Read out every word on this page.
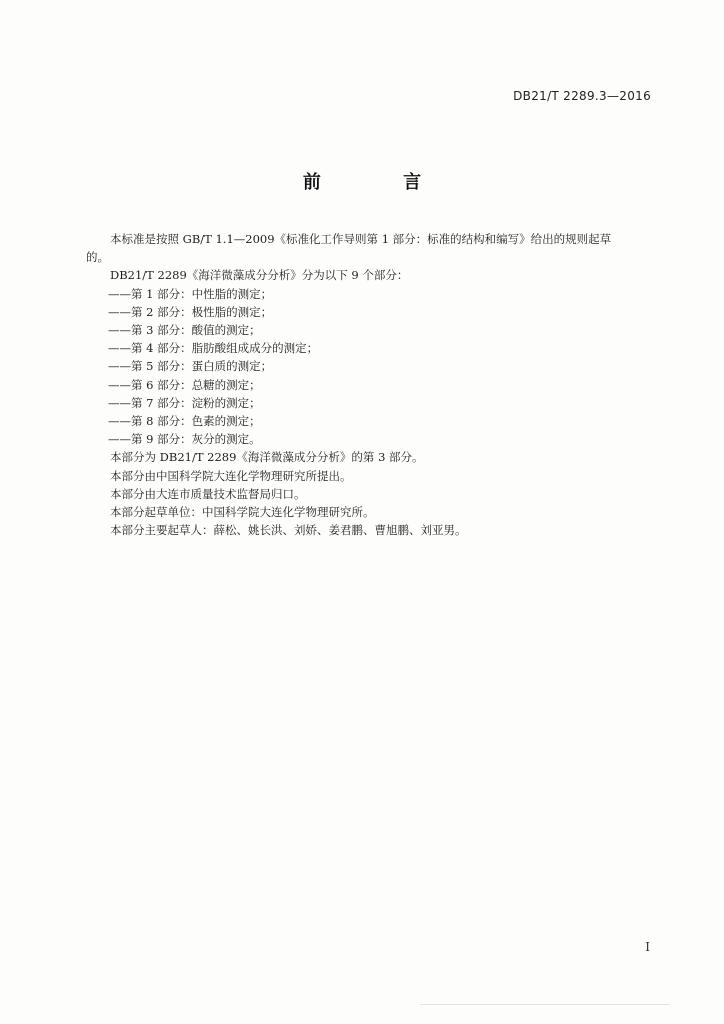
DB21/T 2289.3—2016
前 言

本标准是按照 GB/T 1.1—2009《标准化工作导则第 1 部分：标准的结构和编写》给出的规则起草

的。

DB21/T 2289《海洋微藻成分分析》分为以下 9 个部分：

——第 1 部分：中性脂的测定；

——第 2 部分：极性脂的测定；

——第 3 部分：酸值的测定；

——第 4 部分：脂肪酸组成成分的测定；

——第 5 部分：蛋白质的测定；

——第 6 部分：总糖的测定；

——第 7 部分：淀粉的测定；

——第 8 部分：色素的测定；

——第 9 部分：灰分的测定。

本部分为 DB21/T 2289《海洋微藻成分分析》的第 3 部分。

本部分由中国科学院大连化学物理研究所提出。

本部分由大连市质量技术监督局归口。

本部分起草单位：中国科学院大连化学物理研究所。

本部分主要起草人：薛松、姚长洪、刘娇、姜君鹏、曹旭鹏、刘亚男。

I
